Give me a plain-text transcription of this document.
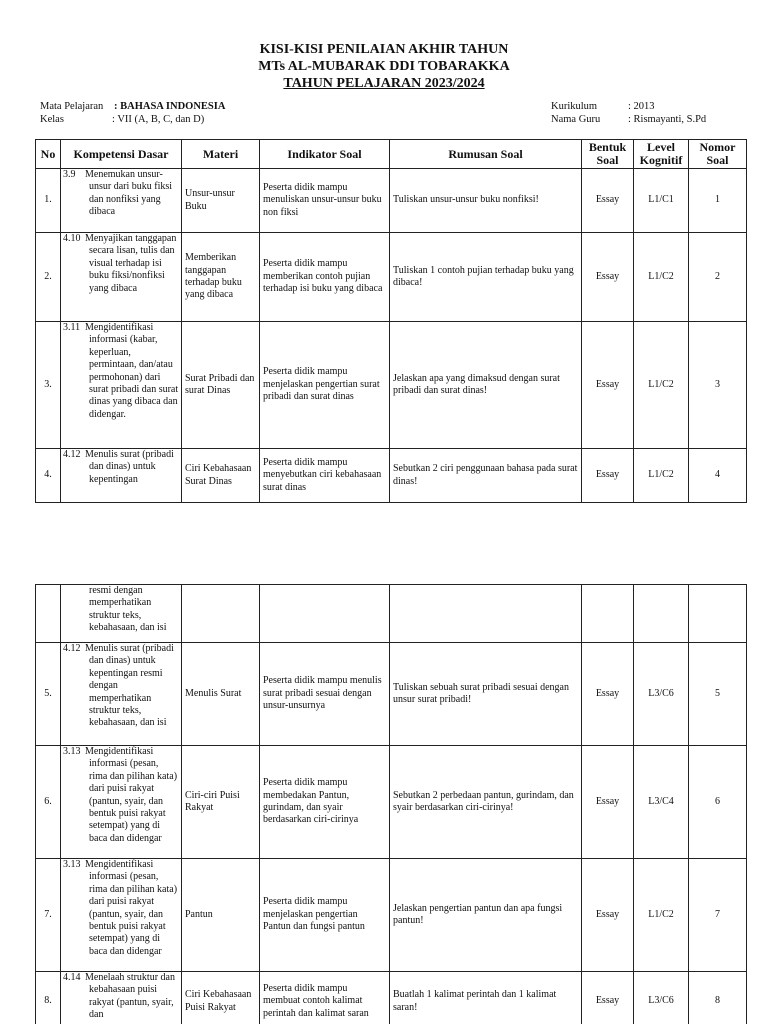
KISI-KISI PENILAIAN AKHIR TAHUN
MTs AL-MUBARAK DDI TOBARAKKA
TAHUN PELAJARAN 2023/2024
Mata Pelajaran	: BAHASA INDONESIA
Kelas	: VII (A, B, C, dan D)
Kurikulum	: 2013
Nama Guru	: Rismayanti, S.Pd
No	Kompetensi Dasar	Materi	Indikator Soal	Rumusan Soal	Bentuk Soal	Level Kognitif	Nomor Soal
1.	3.9 Menemukan unsur-unsur dari buku fiksi dan nonfiksi yang dibaca	Unsur-unsur Buku	Peserta didik mampu menuliskan unsur-unsur buku non fiksi	Tuliskan unsur-unsur buku nonfiksi!	Essay	L1/C1	1
2.	4.10 Menyajikan tanggapan secara lisan, tulis dan visual terhadap isi buku fiksi/nonfiksi yang dibaca	Memberikan tanggapan terhadap buku yang dibaca	Peserta didik mampu memberikan contoh pujian terhadap isi buku yang dibaca	Tuliskan 1 contoh pujian terhadap buku yang dibaca!	Essay	L1/C2	2
3.	3.11 Mengidentifikasi informasi (kabar, keperluan, permintaan, dan/atau permohonan) dari surat pribadi dan surat dinas yang dibaca dan didengar.	Surat Pribadi dan surat Dinas	Peserta didik mampu menjelaskan pengertian surat pribadi dan surat dinas	Jelaskan apa yang dimaksud dengan surat pribadi dan surat dinas!	Essay	L1/C2	3
4.	4.12 Menulis surat (pribadi dan dinas) untuk kepentingan	Ciri Kebahasaan Surat Dinas	Peserta didik mampu menyebutkan ciri kebahasaan surat dinas	Sebutkan 2 ciri penggunaan bahasa pada surat dinas!	Essay	L1/C2	4

	resmi dengan memperhatikan struktur teks, kebahasaan, dan isi						

5.	4.12 Menulis surat (pribadi dan dinas) untuk kepentingan resmi dengan memperhatikan struktur teks, kebahasaan, dan isi	Menulis Surat	Peserta didik mampu menulis surat pribadi sesuai dengan unsur-unsurnya	Tuliskan sebuah surat pribadi sesuai dengan unsur surat pribadi!	Essay	L3/C6	5
6.	3.13 Mengidentifikasi informasi (pesan, rima dan pilihan kata) dari puisi rakyat (pantun, syair, dan bentuk puisi rakyat setempat) yang di baca dan didengar	Ciri-ciri Puisi Rakyat	Peserta didik mampu membedakan Pantun, gurindam, dan syair berdasarkan ciri-cirinya	Sebutkan 2 perbedaan pantun, gurindam, dan syair berdasarkan ciri-cirinya!	Essay	L3/C4	6
7.	3.13 Mengidentifikasi informasi (pesan, rima dan pilihan kata) dari puisi rakyat (pantun, syair, dan bentuk puisi rakyat setempat) yang di baca dan didengar	Pantun	Peserta didik mampu menjelaskan pengertian Pantun dan fungsi pantun	Jelaskan pengertian pantun dan apa fungsi pantun!	Essay	L1/C2	7
8.	4.14 Menelaah struktur dan kebahasaan puisi rakyat (pantun, syair, dan	Ciri Kebahasaan Puisi Rakyat	Peserta didik mampu membuat contoh kalimat perintah dan kalimat saran	Buatlah 1 kalimat perintah dan 1 kalimat saran!	Essay	L3/C6	8
